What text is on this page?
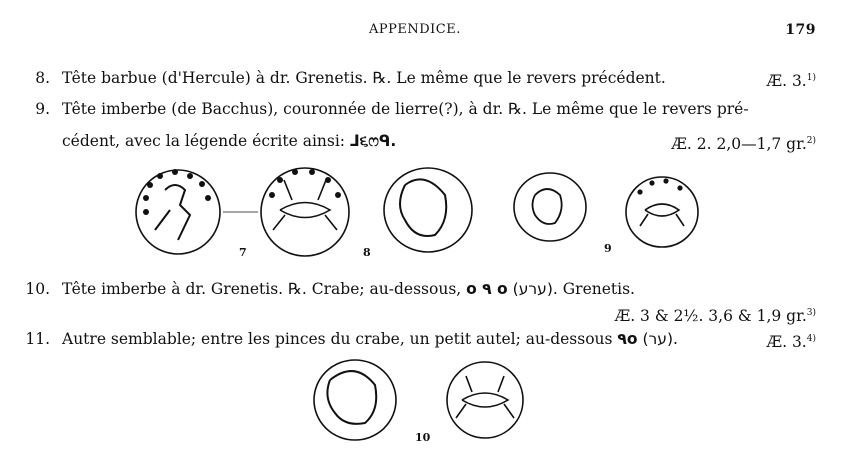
APPENDICE.	179
8. Tête barbue (d'Hercule) à dr. Grenetis. ℞. Le même que le revers précédent.	Æ. 3.$^{1)}$
9. Tête imberbe (de Bacchus), couronnée de lierre(?), à dr. ℞. Le même que le revers pré-
cédent, avec la légende écrite ainsi: ᒧ૬ෆᑫ.	Æ. 2. 2,0—1,7 gr.$^{2)}$
7	8	9
10. Tête imberbe à dr. Grenetis. ℞. Crabe; au-dessous, ο ۹ ο (ערע). Grenetis.
Æ. 3 & 2½. 3,6 & 1,9 gr.$^{3)}$
11. Autre semblable; entre les pinces du crabe, un petit autel; au-dessous ۹ο (ער).	Æ. 3.$^{4)}$
10
